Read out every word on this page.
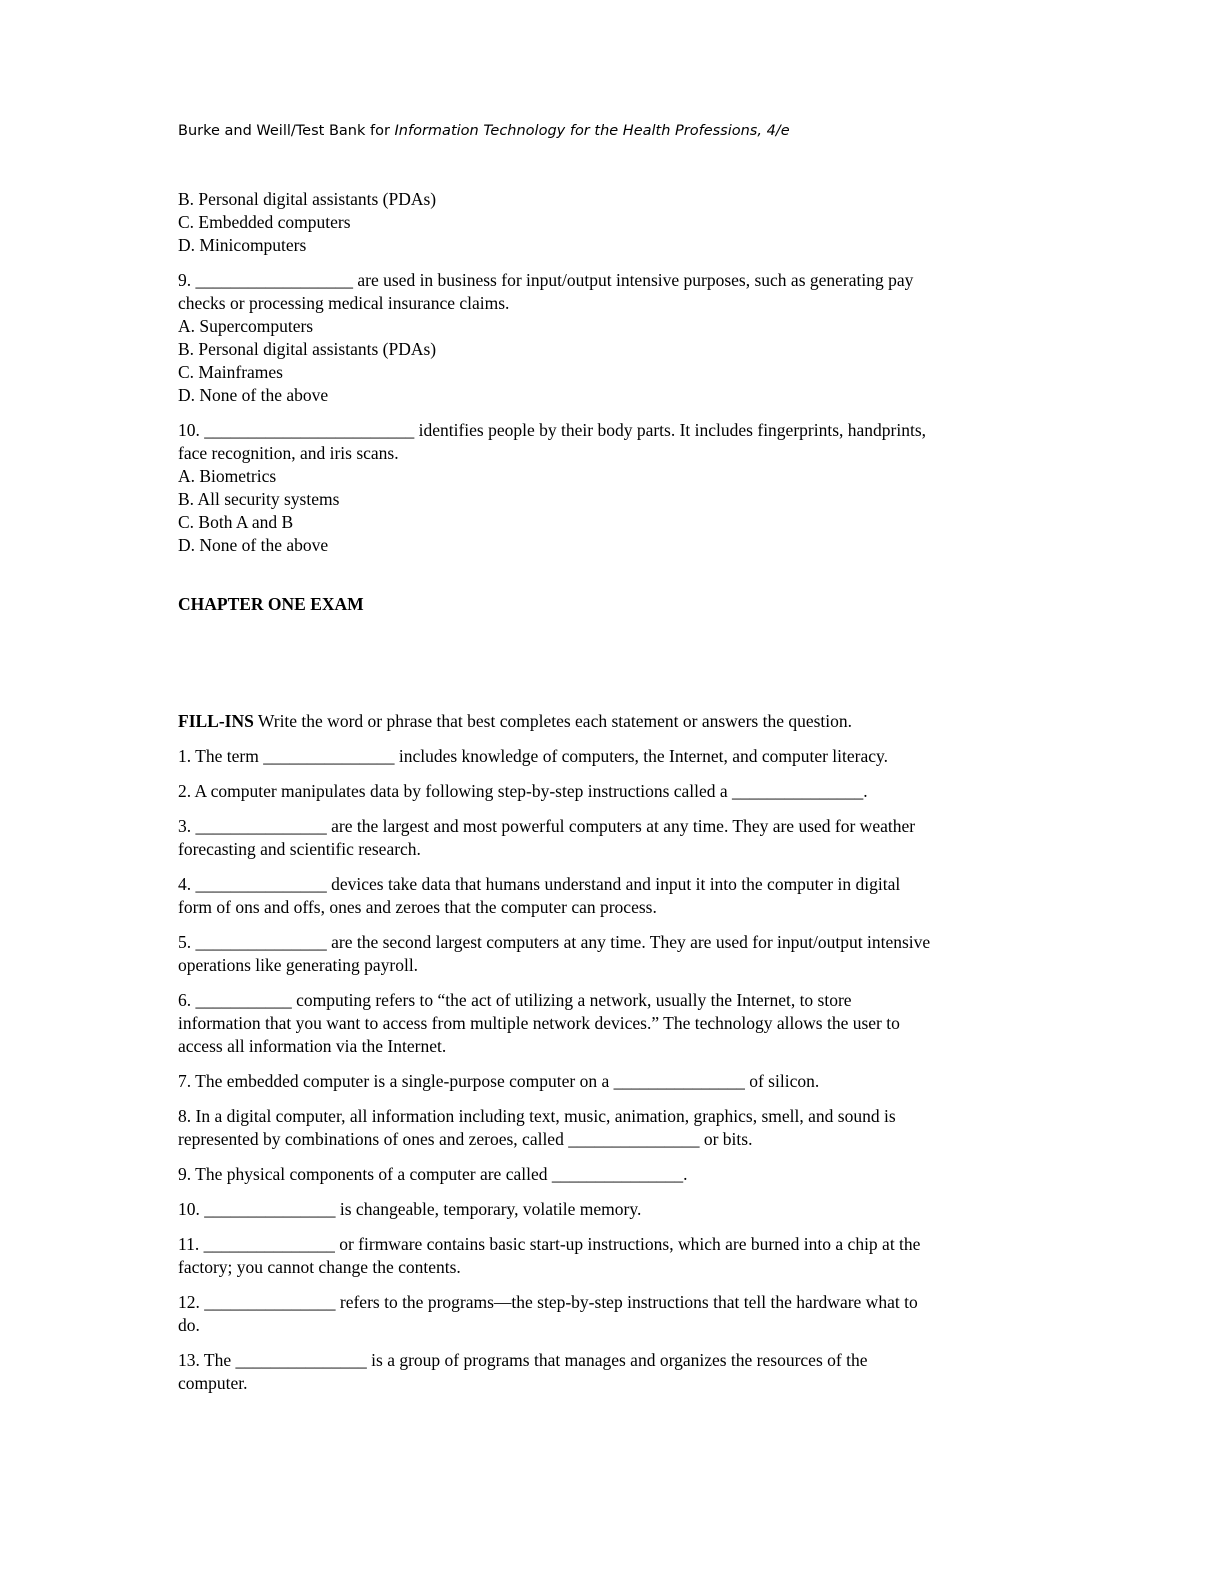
Burke and Weill/Test Bank for Information Technology for the Health Professions, 4/e
B. Personal digital assistants (PDAs)
C. Embedded computers
D. Minicomputers
9. __________________ are used in business for input/output intensive purposes, such as generating pay
checks or processing medical insurance claims.
A. Supercomputers
B. Personal digital assistants (PDAs)
C. Mainframes
D. None of the above
10. ________________________ identifies people by their body parts. It includes fingerprints, handprints,
face recognition, and iris scans.
A. Biometrics
B. All security systems
C. Both A and B
D. None of the above
CHAPTER ONE EXAM
FILL-INS Write the word or phrase that best completes each statement or answers the question.
1. The term _______________ includes knowledge of computers, the Internet, and computer literacy.
2. A computer manipulates data by following step-by-step instructions called a _______________.
3. _______________ are the largest and most powerful computers at any time. They are used for weather
forecasting and scientific research.
4. _______________ devices take data that humans understand and input it into the computer in digital
form of ons and offs, ones and zeroes that the computer can process.
5. _______________ are the second largest computers at any time. They are used for input/output intensive
operations like generating payroll.
6. ___________ computing refers to “the act of utilizing a network, usually the Internet, to store
information that you want to access from multiple network devices.” The technology allows the user to
access all information via the Internet.
7. The embedded computer is a single-purpose computer on a _______________ of silicon.
8. In a digital computer, all information including text, music, animation, graphics, smell, and sound is
represented by combinations of ones and zeroes, called _______________ or bits.
9. The physical components of a computer are called _______________.
10. _______________ is changeable, temporary, volatile memory.
11. _______________ or firmware contains basic start-up instructions, which are burned into a chip at the
factory; you cannot change the contents.
12. _______________ refers to the programs—the step-by-step instructions that tell the hardware what to
do.
13. The _______________ is a group of programs that manages and organizes the resources of the
computer.
